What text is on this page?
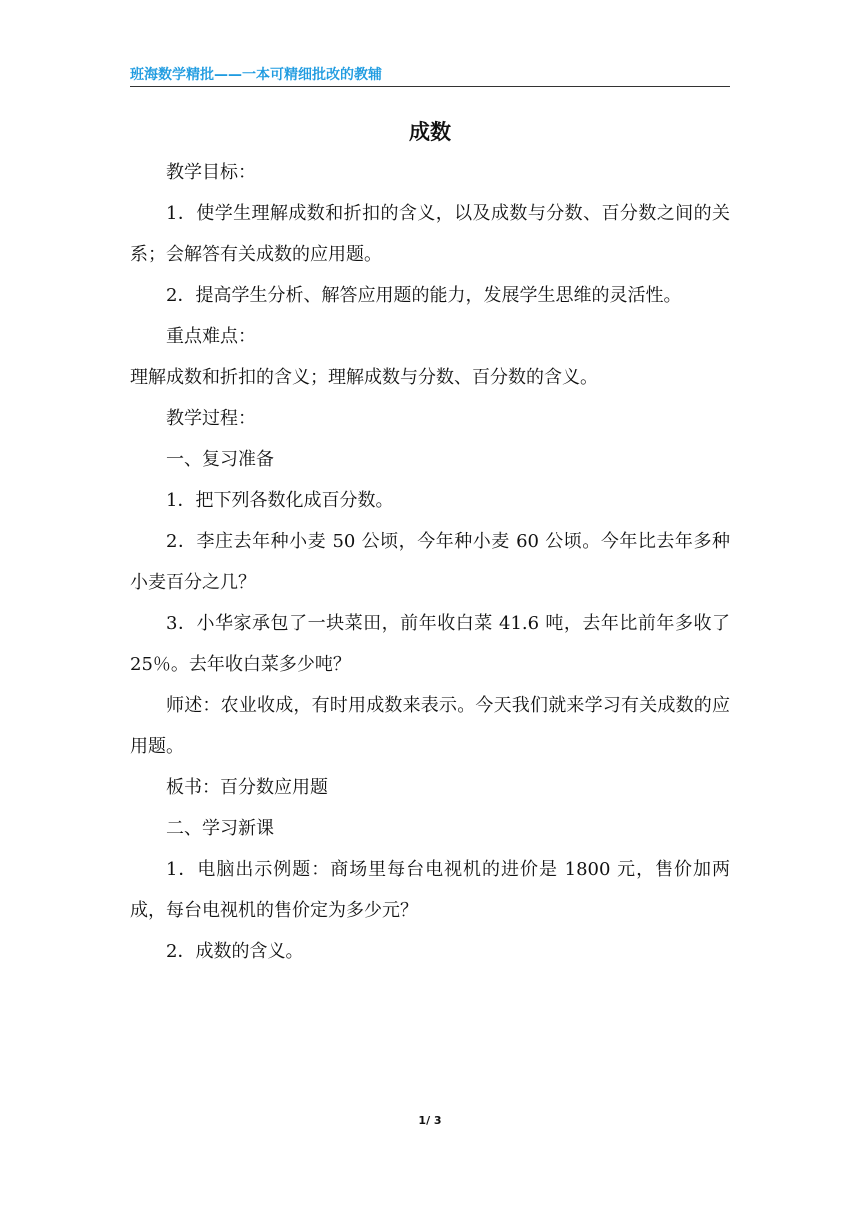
班海数学精批——一本可精细批改的教辅
成数

教学目标：

1．使学生理解成数和折扣的含义，以及成数与分数、百分数之间的关系；会解答有关成数的应用题。

2．提高学生分析、解答应用题的能力，发展学生思维的灵活性。

重点难点：

理解成数和折扣的含义；理解成数与分数、百分数的含义。

教学过程：

一、复习准备

1．把下列各数化成百分数。

2．李庄去年种小麦 50 公顷，今年种小麦 60 公顷。今年比去年多种小麦百分之几？

3．小华家承包了一块菜田，前年收白菜 41.6 吨，去年比前年多收了 25％。去年收白菜多少吨？

师述：农业收成，有时用成数来表示。今天我们就来学习有关成数的应用题。

板书：百分数应用题

二、学习新课

1．电脑出示例题：商场里每台电视机的进价是 1800 元，售价加两成，每台电视机的售价定为多少元？

2．成数的含义。

1/ 3
